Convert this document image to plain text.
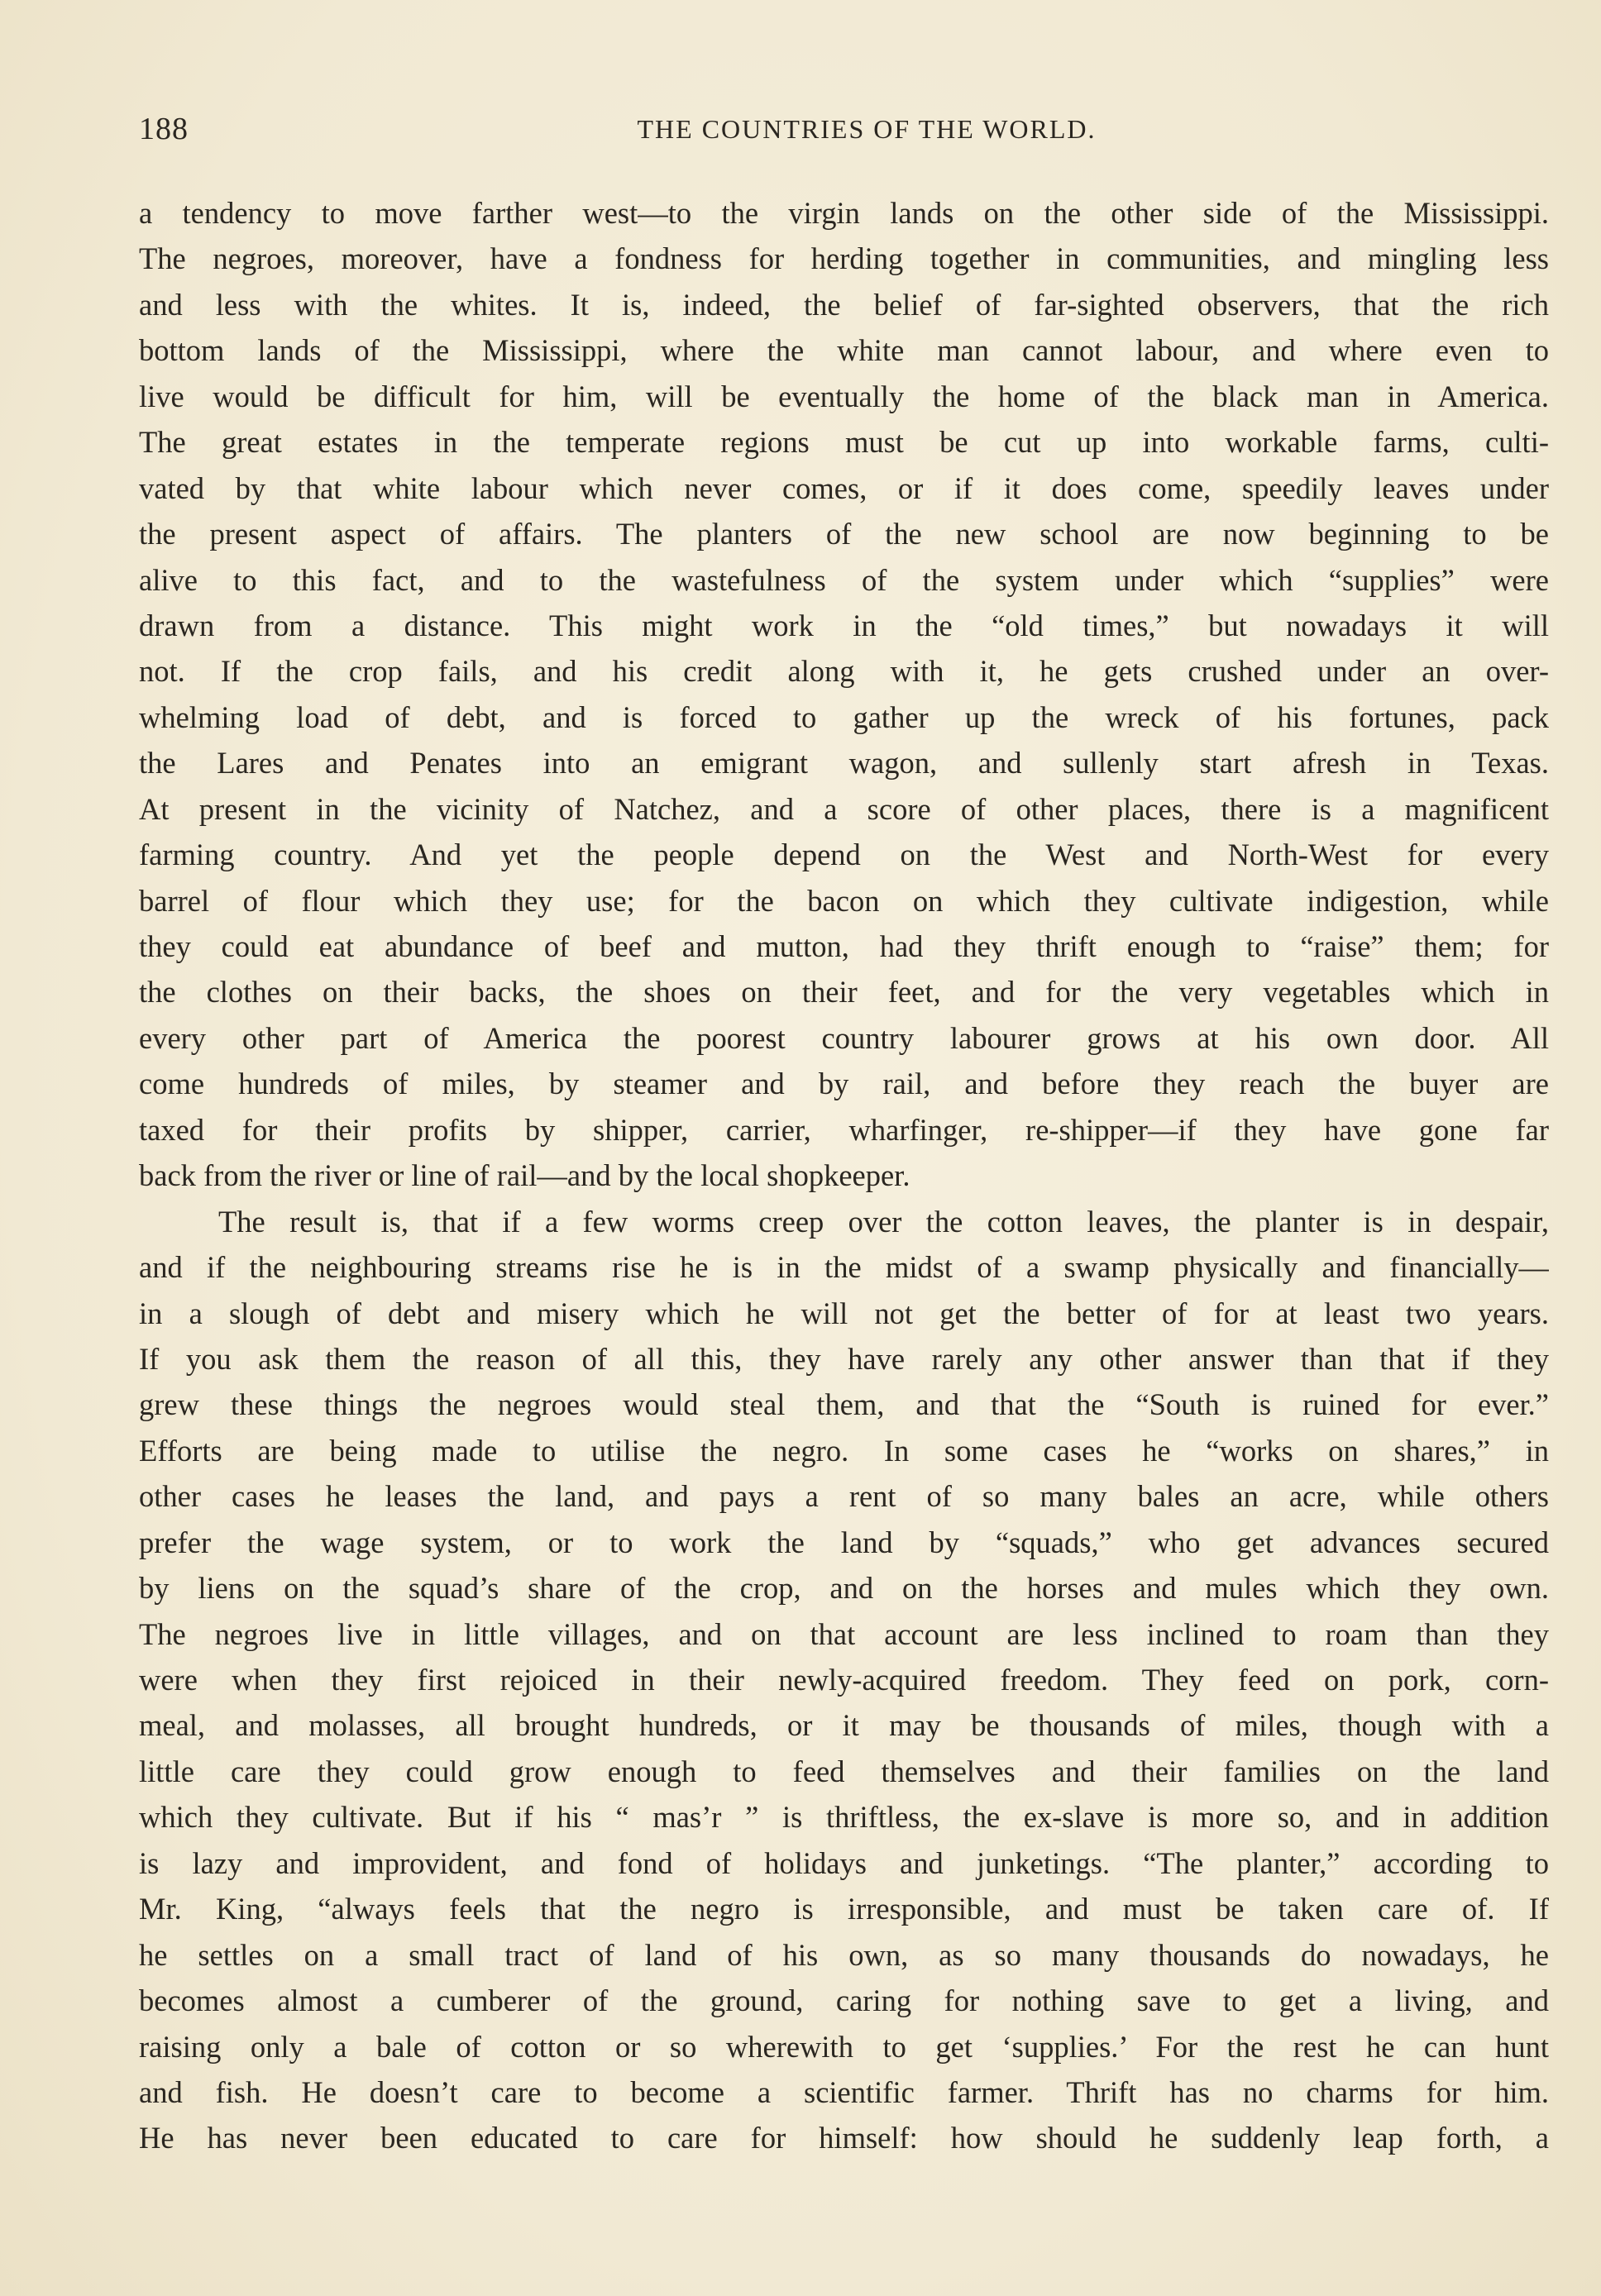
188	THE COUNTRIES OF THE WORLD.
a tendency to move farther west—to the virgin lands on the other side of the Mississippi.
The negroes, moreover, have a fondness for herding together in communities, and mingling less
and less with the whites. It is, indeed, the belief of far-sighted observers, that the rich
bottom lands of the Mississippi, where the white man cannot labour, and where even to
live would be difficult for him, will be eventually the home of the black man in America.
The great estates in the temperate regions must be cut up into workable farms, culti-
vated by that white labour which never comes, or if it does come, speedily leaves under
the present aspect of affairs. The planters of the new school are now beginning to be
alive to this fact, and to the wastefulness of the system under which “supplies” were
drawn from a distance. This might work in the “old times,” but nowadays it will
not. If the crop fails, and his credit along with it, he gets crushed under an over-
whelming load of debt, and is forced to gather up the wreck of his fortunes, pack
the Lares and Penates into an emigrant wagon, and sullenly start afresh in Texas.
At present in the vicinity of Natchez, and a score of other places, there is a magnificent
farming country. And yet the people depend on the West and North-West for every
barrel of flour which they use; for the bacon on which they cultivate indigestion, while
they could eat abundance of beef and mutton, had they thrift enough to “raise” them; for
the clothes on their backs, the shoes on their feet, and for the very vegetables which in
every other part of America the poorest country labourer grows at his own door. All
come hundreds of miles, by steamer and by rail, and before they reach the buyer are
taxed for their profits by shipper, carrier, wharfinger, re-shipper—if they have gone far
back from the river or line of rail—and by the local shopkeeper.
The result is, that if a few worms creep over the cotton leaves, the planter is in despair,
and if the neighbouring streams rise he is in the midst of a swamp physically and financially—
in a slough of debt and misery which he will not get the better of for at least two years.
If you ask them the reason of all this, they have rarely any other answer than that if they
grew these things the negroes would steal them, and that the “South is ruined for ever.”
Efforts are being made to utilise the negro. In some cases he “works on shares,” in
other cases he leases the land, and pays a rent of so many bales an acre, while others
prefer the wage system, or to work the land by “squads,” who get advances secured
by liens on the squad’s share of the crop, and on the horses and mules which they own.
The negroes live in little villages, and on that account are less inclined to roam than they
were when they first rejoiced in their newly-acquired freedom. They feed on pork, corn-
meal, and molasses, all brought hundreds, or it may be thousands of miles, though with a
little care they could grow enough to feed themselves and their families on the land
which they cultivate. But if his “ mas’r ” is thriftless, the ex-slave is more so, and in addition
is lazy and improvident, and fond of holidays and junketings. “The planter,” according to
Mr. King, “always feels that the negro is irresponsible, and must be taken care of. If
he settles on a small tract of land of his own, as so many thousands do nowadays, he
becomes almost a cumberer of the ground, caring for nothing save to get a living, and
raising only a bale of cotton or so wherewith to get ‘supplies.’ For the rest he can hunt
and fish. He doesn’t care to become a scientific farmer. Thrift has no charms for him.
He has never been educated to care for himself: how should he suddenly leap forth, a
